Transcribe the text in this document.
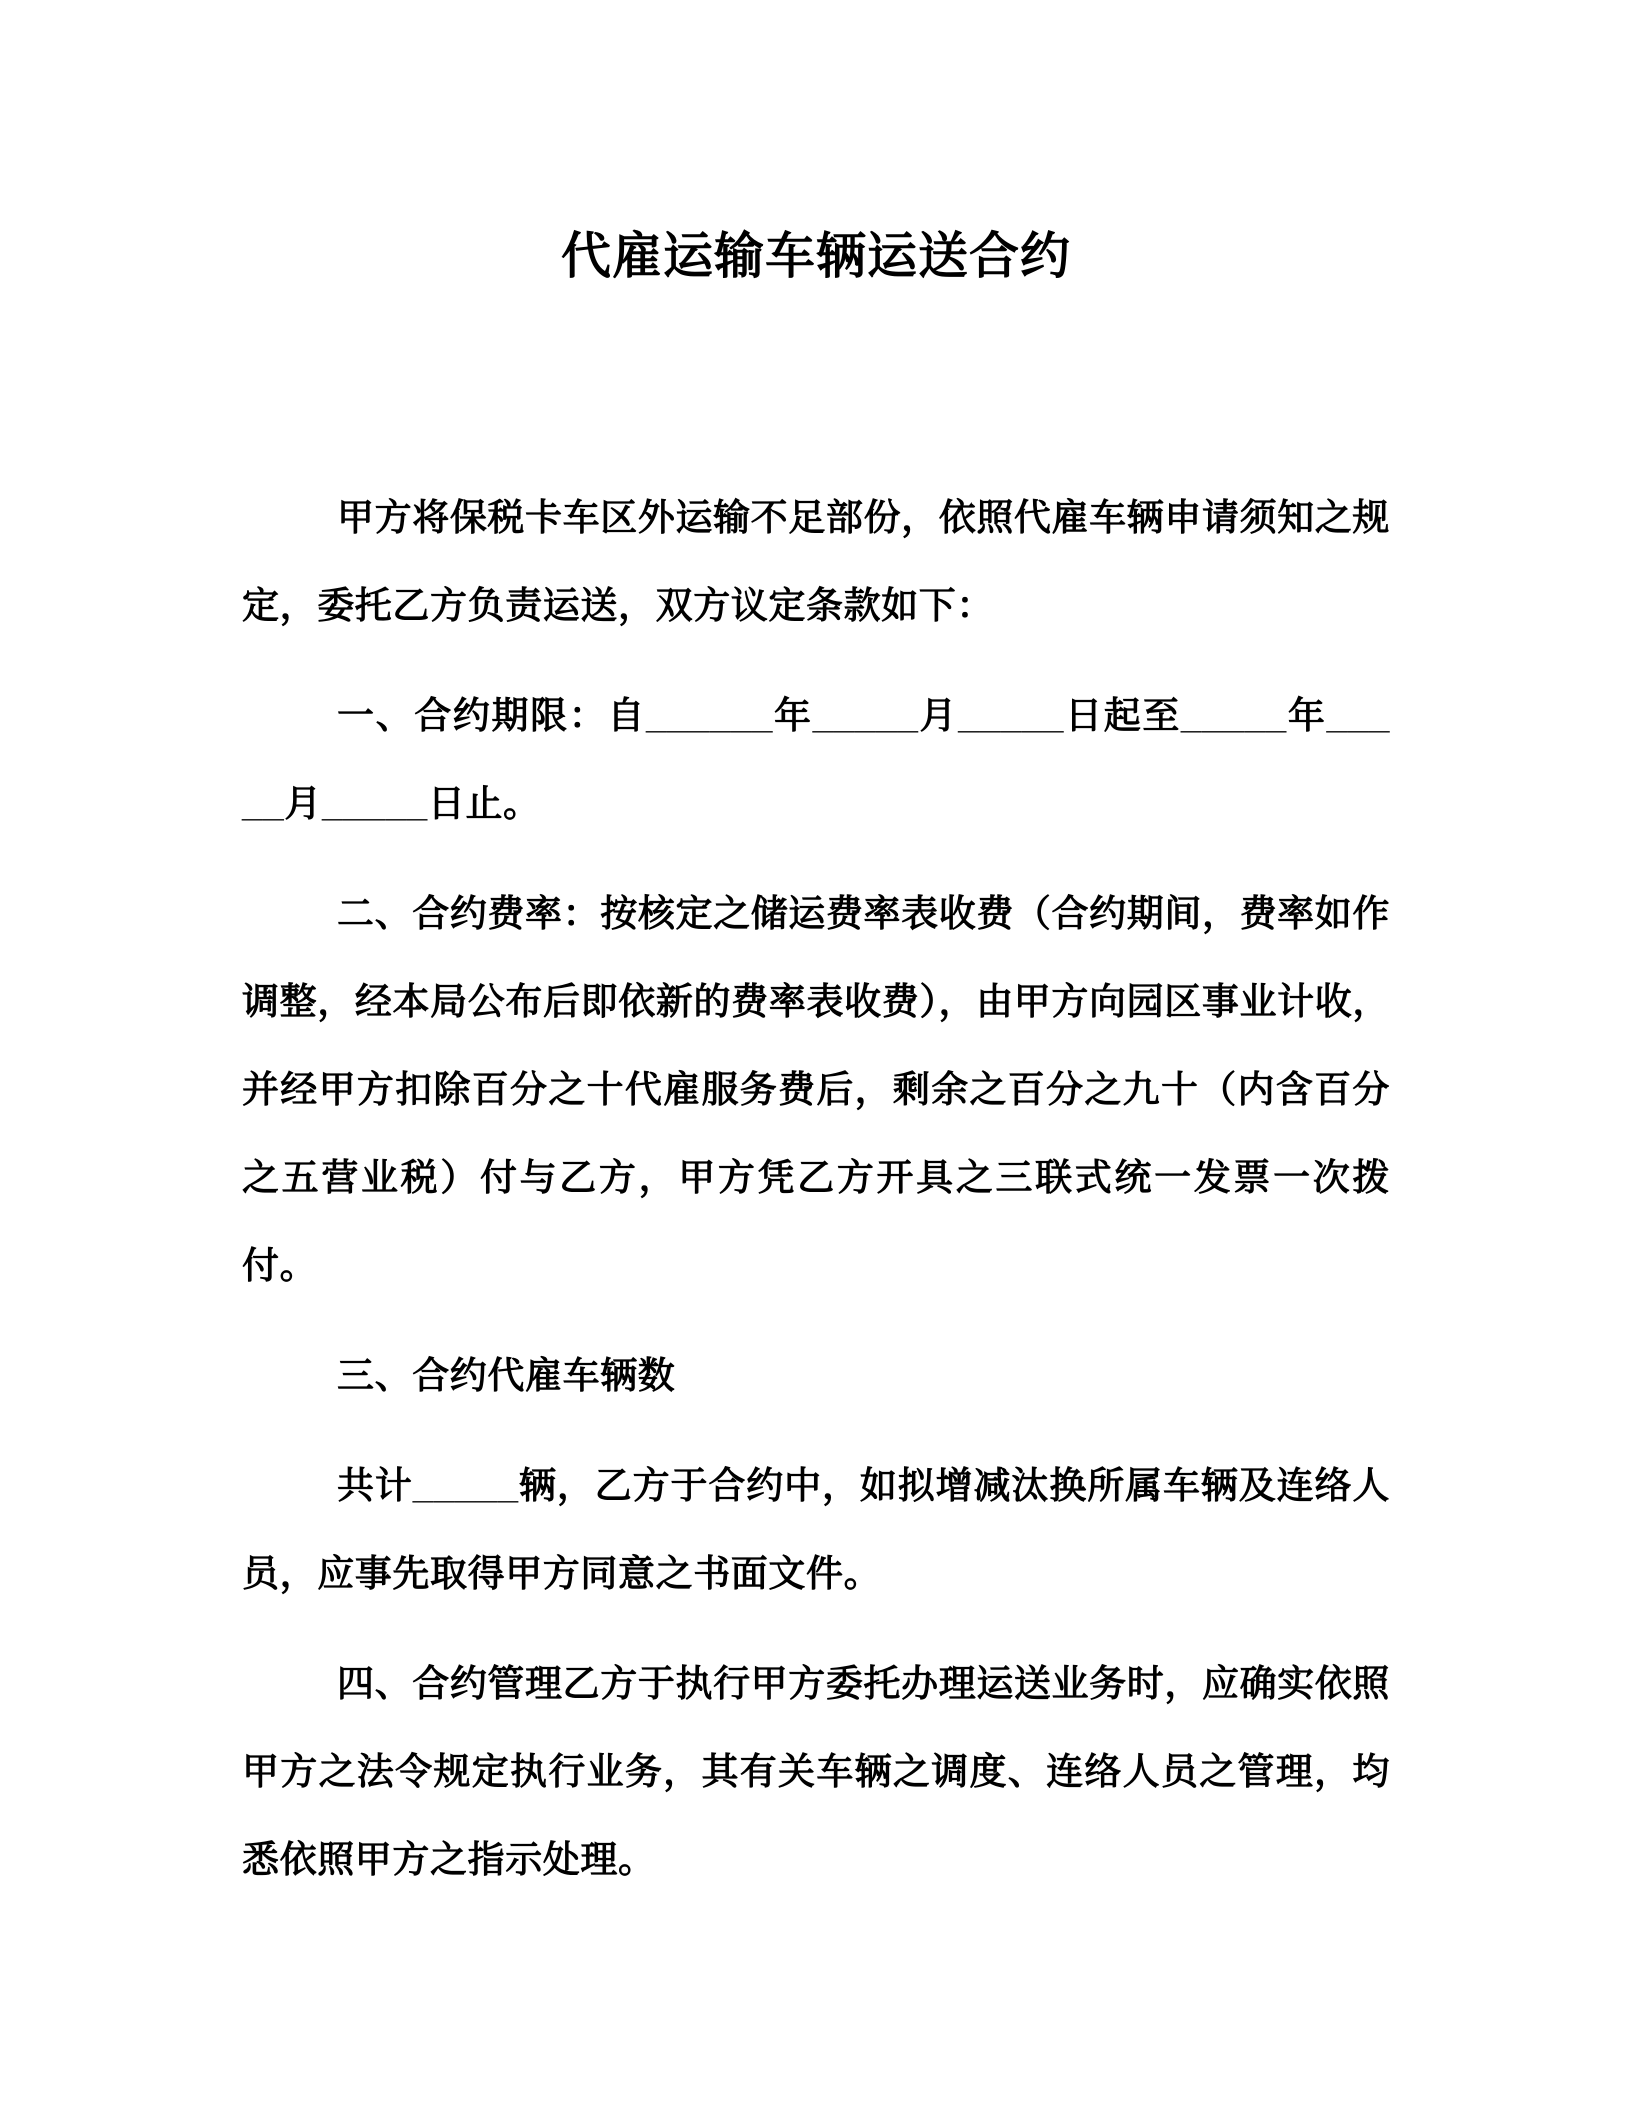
代雇运输车辆运送合约

甲方将保税卡车区外运输不足部份，依照代雇车辆申请须知之规定，委托乙方负责运送，双方议定条款如下：

一、合约期限：自______年_____月_____日起至_____年_____月_____日止。

二、合约费率：按核定之储运费率表收费（合约期间，费率如作调整，经本局公布后即依新的费率表收费），由甲方向园区事业计收，并经甲方扣除百分之十代雇服务费后，剩余之百分之九十（内含百分之五营业税）付与乙方，甲方凭乙方开具之三联式统一发票一次拨付。

三、合约代雇车辆数

共计_____辆，乙方于合约中，如拟增减汰换所属车辆及连络人员，应事先取得甲方同意之书面文件。

四、合约管理乙方于执行甲方委托办理运送业务时，应确实依照甲方之法令规定执行业务，其有关车辆之调度、连络人员之管理，均悉依照甲方之指示处理。
